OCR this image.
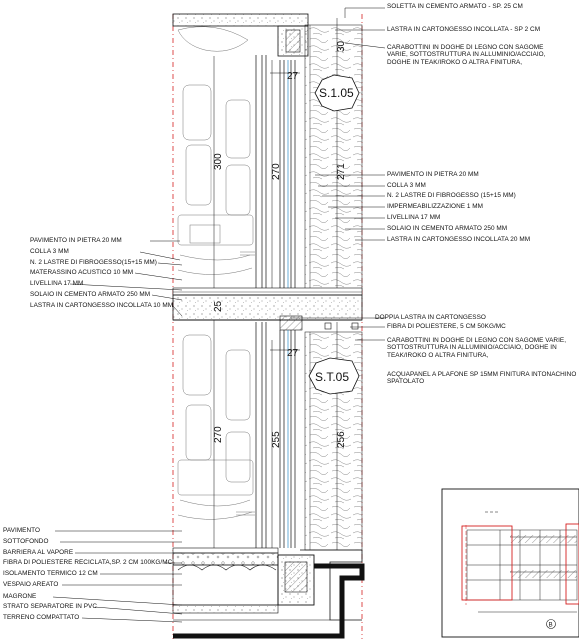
30
27
300
270	271
25
27
270	255	256
S.1.05
S.T.05
B
SOLETTA IN CEMENTO ARMATO - SP. 25 CM
LASTRA IN CARTONGESSO INCOLLATA - SP 2 CM
CARABOTTINI IN DOGHE DI LEGNO CON SAGOME
VARIE, SOTTOSTRUTTURA IN ALLUMINIO/ACCIAIO,
DOGHE IN TEAK/IROKO O ALTRA FINITURA,
PAVIMENTO IN PIETRA 20 MM
COLLA 3 MM
N. 2 LASTRE DI FIBROGESSO (15+15 MM)
IMPERMEABILIZZAZIONE 1 MM
LIVELLINA 17 MM
SOLAIO IN CEMENTO ARMATO 250 MM
LASTRA IN CARTONGESSO INCOLLATA 20 MM
PAVIMENTO IN PIETRA 20 MM
COLLA 3 MM
N. 2 LASTRE DI FIBROGESSO(15+15 MM)
MATERASSINO ACUSTICO 10 MM
LIVELLINA 17 MM
SOLAIO IN CEMENTO ARMATO 250 MM
LASTRA IN CARTONGESSO INCOLLATA 10 MM
DOPPIA LASTRA IN CARTONGESSO
FIBRA DI POLIESTERE, 5 CM 50KG/MC
CARABOTTINI IN DOGHE DI LEGNO CON SAGOME VARIE,
SOTTOSTRUTTURA IN ALLUMINIO/ACCIAIO, DOGHE IN
TEAK/IROKO O ALTRA FINITURA,
ACQUAPANEL A PLAFONE SP 15MM FINITURA INTONACHINO
SPATOLATO
PAVIMENTO
SOTTOFONDO
BARRIERA AL VAPORE
FIBRA DI POLIESTERE RECICLATA,SP. 2 CM 100KG/MC
ISOLAMENTO TERMICO 12 CM
VESPAIO AREATO
MAGRONE
STRATO SEPARATORE IN PVC
TERRENO COMPATTATO
